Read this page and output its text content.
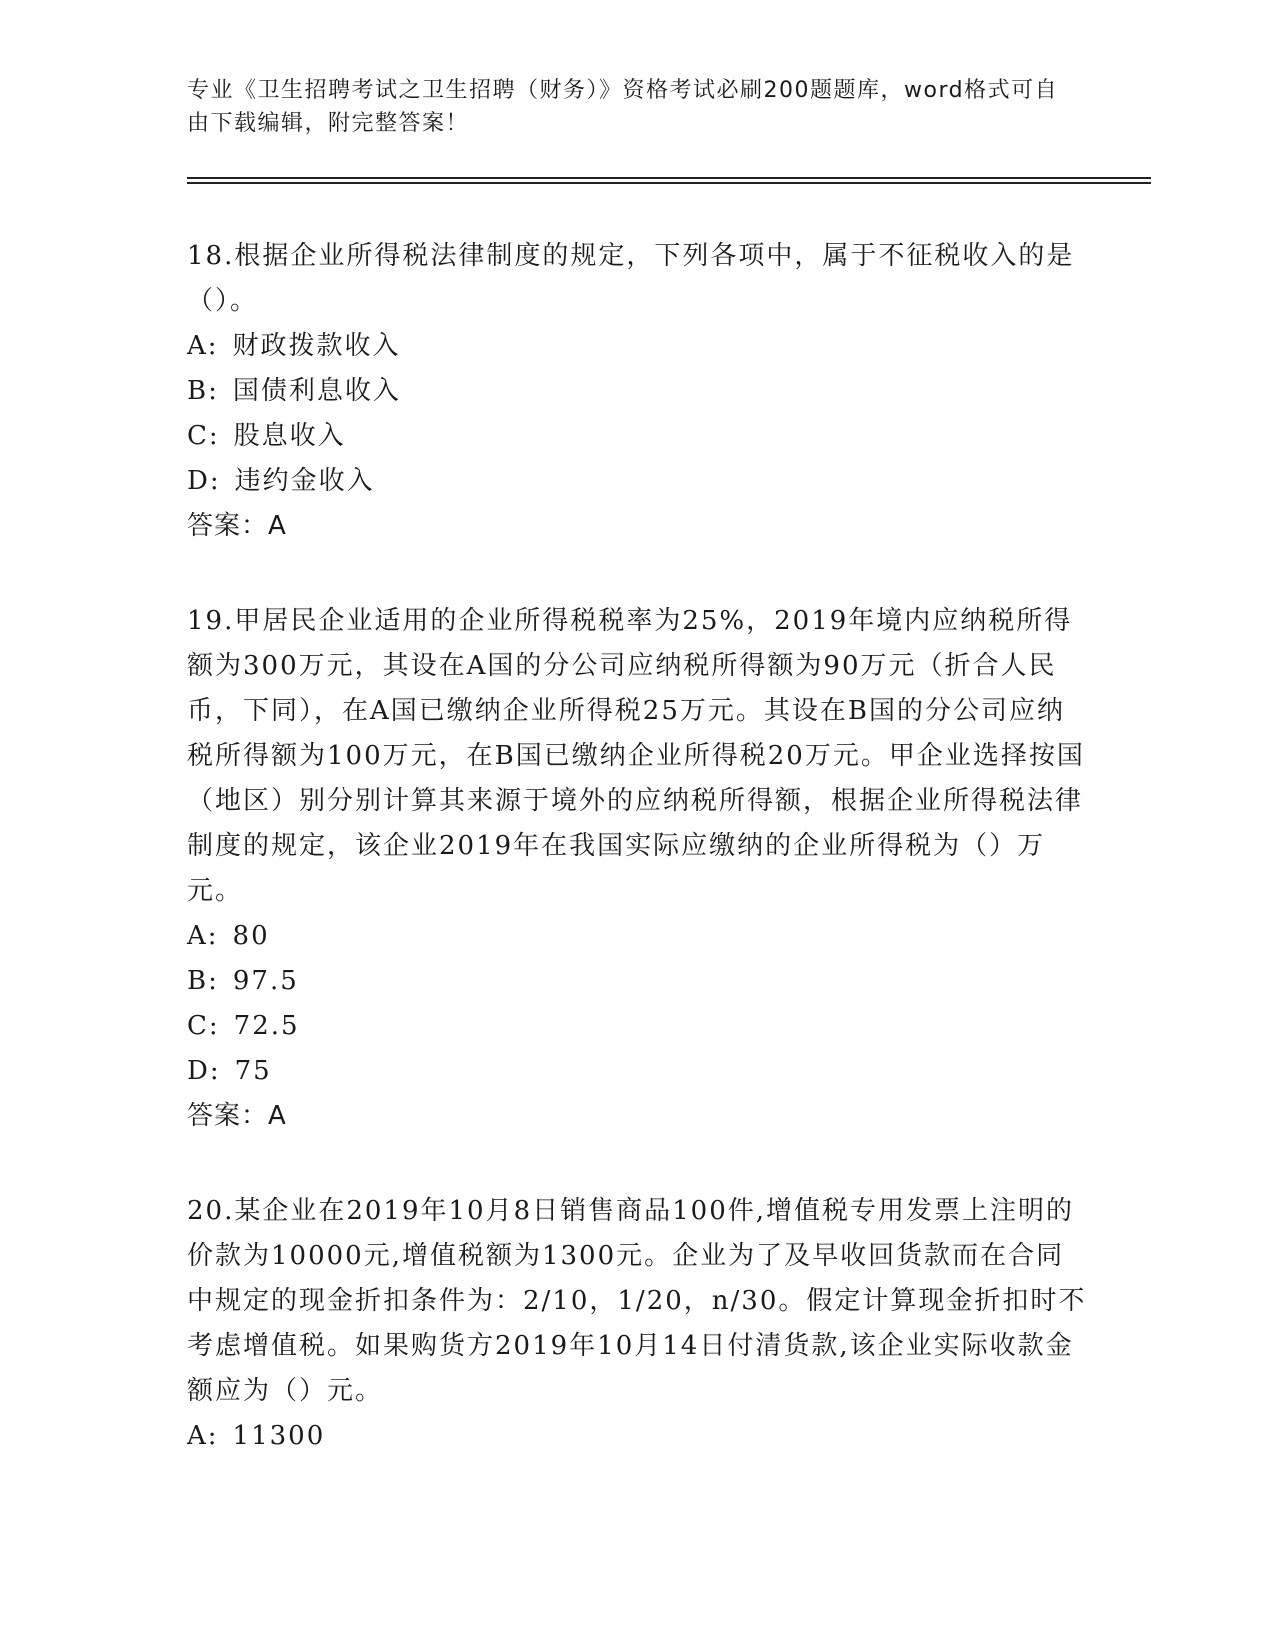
专业《卫生招聘考试之卫生招聘（财务）》资格考试必刷200题题库，word格式可自由下载编辑，附完整答案！

18.根据企业所得税法律制度的规定，下列各项中，属于不征税收入的是（）。

A: 财政拨款收入

B: 国债利息收入

C: 股息收入

D: 违约金收入

答案：A

19.甲居民企业适用的企业所得税税率为25%，2019年境内应纳税所得额为300万元，其设在A国的分公司应纳税所得额为90万元（折合人民币，下同），在A国已缴纳企业所得税25万元。其设在B国的分公司应纳税所得额为100万元，在B国已缴纳企业所得税20万元。甲企业选择按国（地区）别分别计算其来源于境外的应纳税所得额，根据企业所得税法律制度的规定，该企业2019年在我国实际应缴纳的企业所得税为（）万元。

A: 80

B: 97.5

C: 72.5

D: 75

答案：A

20.某企业在2019年10月8日销售商品100件,增值税专用发票上注明的价款为10000元,增值税额为1300元。企业为了及早收回货款而在合同中规定的现金折扣条件为：2/10，1/20，n/30。假定计算现金折扣时不考虑增值税。如果购货方2019年10月14日付清货款,该企业实际收款金额应为（）元。

A: 11300
